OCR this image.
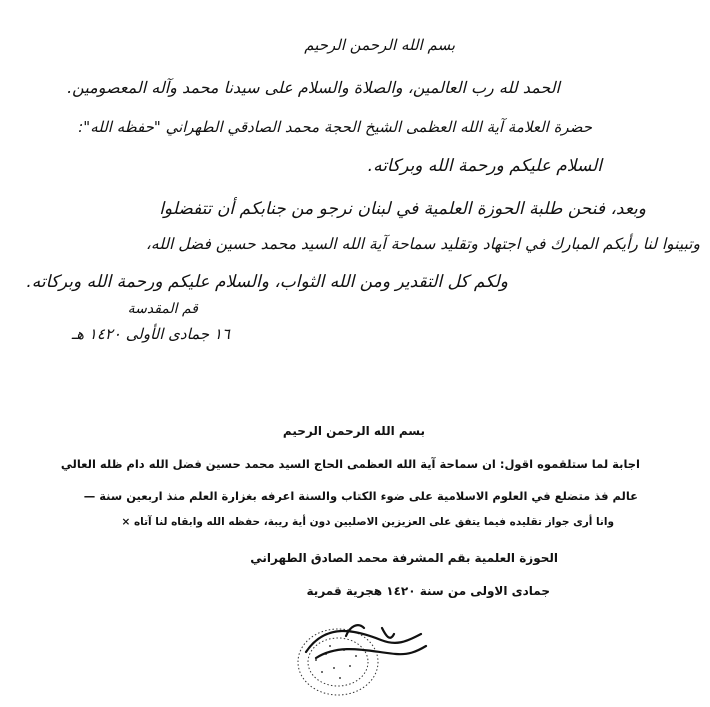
بسم الله الرحمن الرحيم
الحمد لله رب العالمين، والصلاة والسلام على سيدنا محمد وآله المعصومين.
حضرة العلامة آية الله العظمى الشيخ الحجة محمد الصادقي الطهراني "حفظه الله":
السلام عليكم ورحمة الله وبركاته.
وبعد، فنحن طلبة الحوزة العلمية في لبنان نرجو من جنابكم أن تتفضلوا
وتبينوا لنا رأيكم المبارك في اجتهاد وتقليد سماحة آية الله السيد محمد حسين فضل الله،
ولكم كل التقدير ومن الله الثواب، والسلام عليكم ورحمة الله وبركاته.
قم المقدسة
١٦ جمادى الأولى ١٤٢٠ هـ
بسم الله الرحمن الرحيم
اجابة لما ستلقموه اقول: ان سماحة آية الله العظمى الحاج السيد محمد حسين فضل الله دام ظله العالي
عالم فذ متضلع في العلوم الاسلامية على ضوء الكتاب والسنة اعرفه بغزارة العلم منذ اربعين سنة —
وانا أرى جواز تقليده فيما يتفق على العزيزين الاصليين دون أية ريبة، حفظه الله وابقاه لنا آتاه ×
الحوزة العلمية بقم المشرفة محمد الصادق الطهراني
جمادى الاولى من سنة ١٤٢٠ هجرية قمرية
